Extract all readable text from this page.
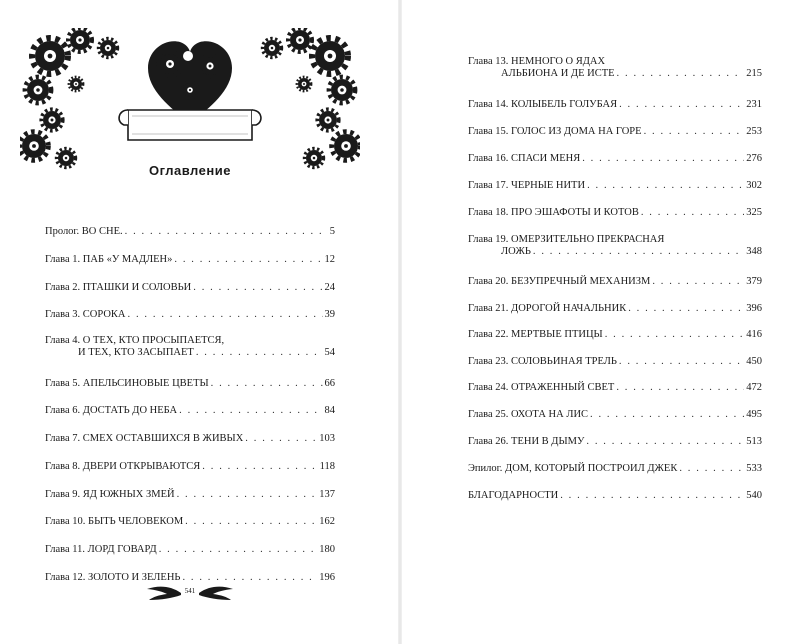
Оглавление
Пролог. ВО СНЕ. . . .	5
Глава 1. ПАБ «У МАДЛЕН» . . .	12
Глава 2. ПТАШКИ И СОЛОВЬИ . . .	24
Глава 3. СОРОКА . . .	39
Глава 4. О ТЕХ, КТО ПРОСЫПАЕТСЯ,
И ТЕХ, КТО ЗАСЫПАЕТ . . .	54
Глава 5. АПЕЛЬСИНОВЫЕ ЦВЕТЫ . . .	66
Глава 6. ДОСТАТЬ ДО НЕБА . . .	84
Глава 7. СМЕХ ОСТАВШИХСЯ В ЖИВЫХ . . .	103
Глава 8. ДВЕРИ ОТКРЫВАЮТСЯ . . .	118
Глава 9. ЯД ЮЖНЫХ ЗМЕЙ . . .	137
Глава 10. БЫТЬ ЧЕЛОВЕКОМ . . .	162
Глава 11. ЛОРД ГОВАРД . . .	180
Глава 12. ЗОЛОТО И ЗЕЛЕНЬ . . .	196
541
Глава 13. НЕМНОГО О ЯДАХ
АЛЬБИОНА И ДЕ ИСТЕ . . .	215
Глава 14. КОЛЫБЕЛЬ ГОЛУБАЯ . . .	231
Глава 15. ГОЛОС ИЗ ДОМА НА ГОРЕ . . .	253
Глава 16. СПАСИ МЕНЯ . . .	276
Глава 17. ЧЕРНЫЕ НИТИ . . .	302
Глава 18. ПРО ЭШАФОТЫ И КОТОВ . . .	325
Глава 19. ОМЕРЗИТЕЛЬНО ПРЕКРАСНАЯ
ЛОЖЬ . . .	348
Глава 20. БЕЗУПРЕЧНЫЙ МЕХАНИЗМ . . .	379
Глава 21. ДОРОГОЙ НАЧАЛЬНИК . . .	396
Глава 22. МЕРТВЫЕ ПТИЦЫ . . .	416
Глава 23. СОЛОВЬИНАЯ ТРЕЛЬ . . .	450
Глава 24. ОТРАЖЕННЫЙ СВЕТ . . .	472
Глава 25. ОХОТА НА ЛИС . . .	495
Глава 26. ТЕНИ В ДЫМУ . . .	513
Эпилог. ДОМ, КОТОРЫЙ ПОСТРОИЛ ДЖЕК . . .	533
БЛАГОДАРНОСТИ . . .	540
